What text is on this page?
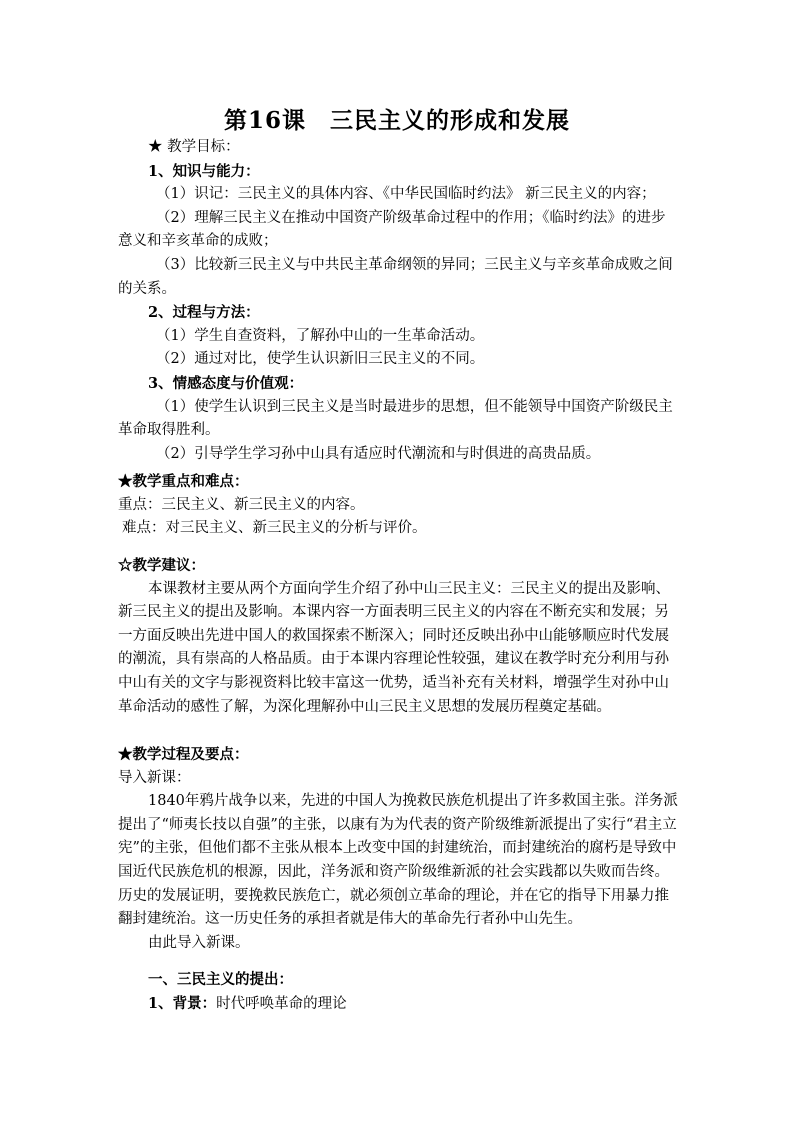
第16课　三民主义的形成和发展

★ 教学目标：

1、知识与能力：

（1）识记：三民主义的具体内容、《中华民国临时约法》 新三民主义的内容；

（2）理解三民主义在推动中国资产阶级革命过程中的作用；《临时约法》的进步意义和辛亥革命的成败；

（3）比较新三民主义与中共民主革命纲领的异同；三民主义与辛亥革命成败之间的关系。

2、过程与方法：

（1）学生自查资料，了解孙中山的一生革命活动。

（2）通过对比，使学生认识新旧三民主义的不同。

3、情感态度与价值观：

（1）使学生认识到三民主义是当时最进步的思想，但不能领导中国资产阶级民主革命取得胜利。

（2）引导学生学习孙中山具有适应时代潮流和与时俱进的高贵品质。

★教学重点和难点：

重点：三民主义、新三民主义的内容。

难点：对三民主义、新三民主义的分析与评价。

☆教学建议：

本课教材主要从两个方面向学生介绍了孙中山三民主义：三民主义的提出及影响、新三民主义的提出及影响。本课内容一方面表明三民主义的内容在不断充实和发展；另一方面反映出先进中国人的救国探索不断深入；同时还反映出孙中山能够顺应时代发展的潮流，具有崇高的人格品质。由于本课内容理论性较强，建议在教学时充分利用与孙中山有关的文字与影视资料比较丰富这一优势，适当补充有关材料，增强学生对孙中山革命活动的感性了解，为深化理解孙中山三民主义思想的发展历程奠定基础。

★教学过程及要点：

导入新课：

1840年鸦片战争以来，先进的中国人为挽救民族危机提出了许多救国主张。洋务派提出了“师夷长技以自强”的主张，以康有为为代表的资产阶级维新派提出了实行“君主立宪”的主张，但他们都不主张从根本上改变中国的封建统治，而封建统治的腐朽是导致中国近代民族危机的根源，因此，洋务派和资产阶级维新派的社会实践都以失败而告终。历史的发展证明，要挽救民族危亡，就必须创立革命的理论，并在它的指导下用暴力推翻封建统治。这一历史任务的承担者就是伟大的革命先行者孙中山先生。

由此导入新课。

一、三民主义的提出：

1、背景：时代呼唤革命的理论
